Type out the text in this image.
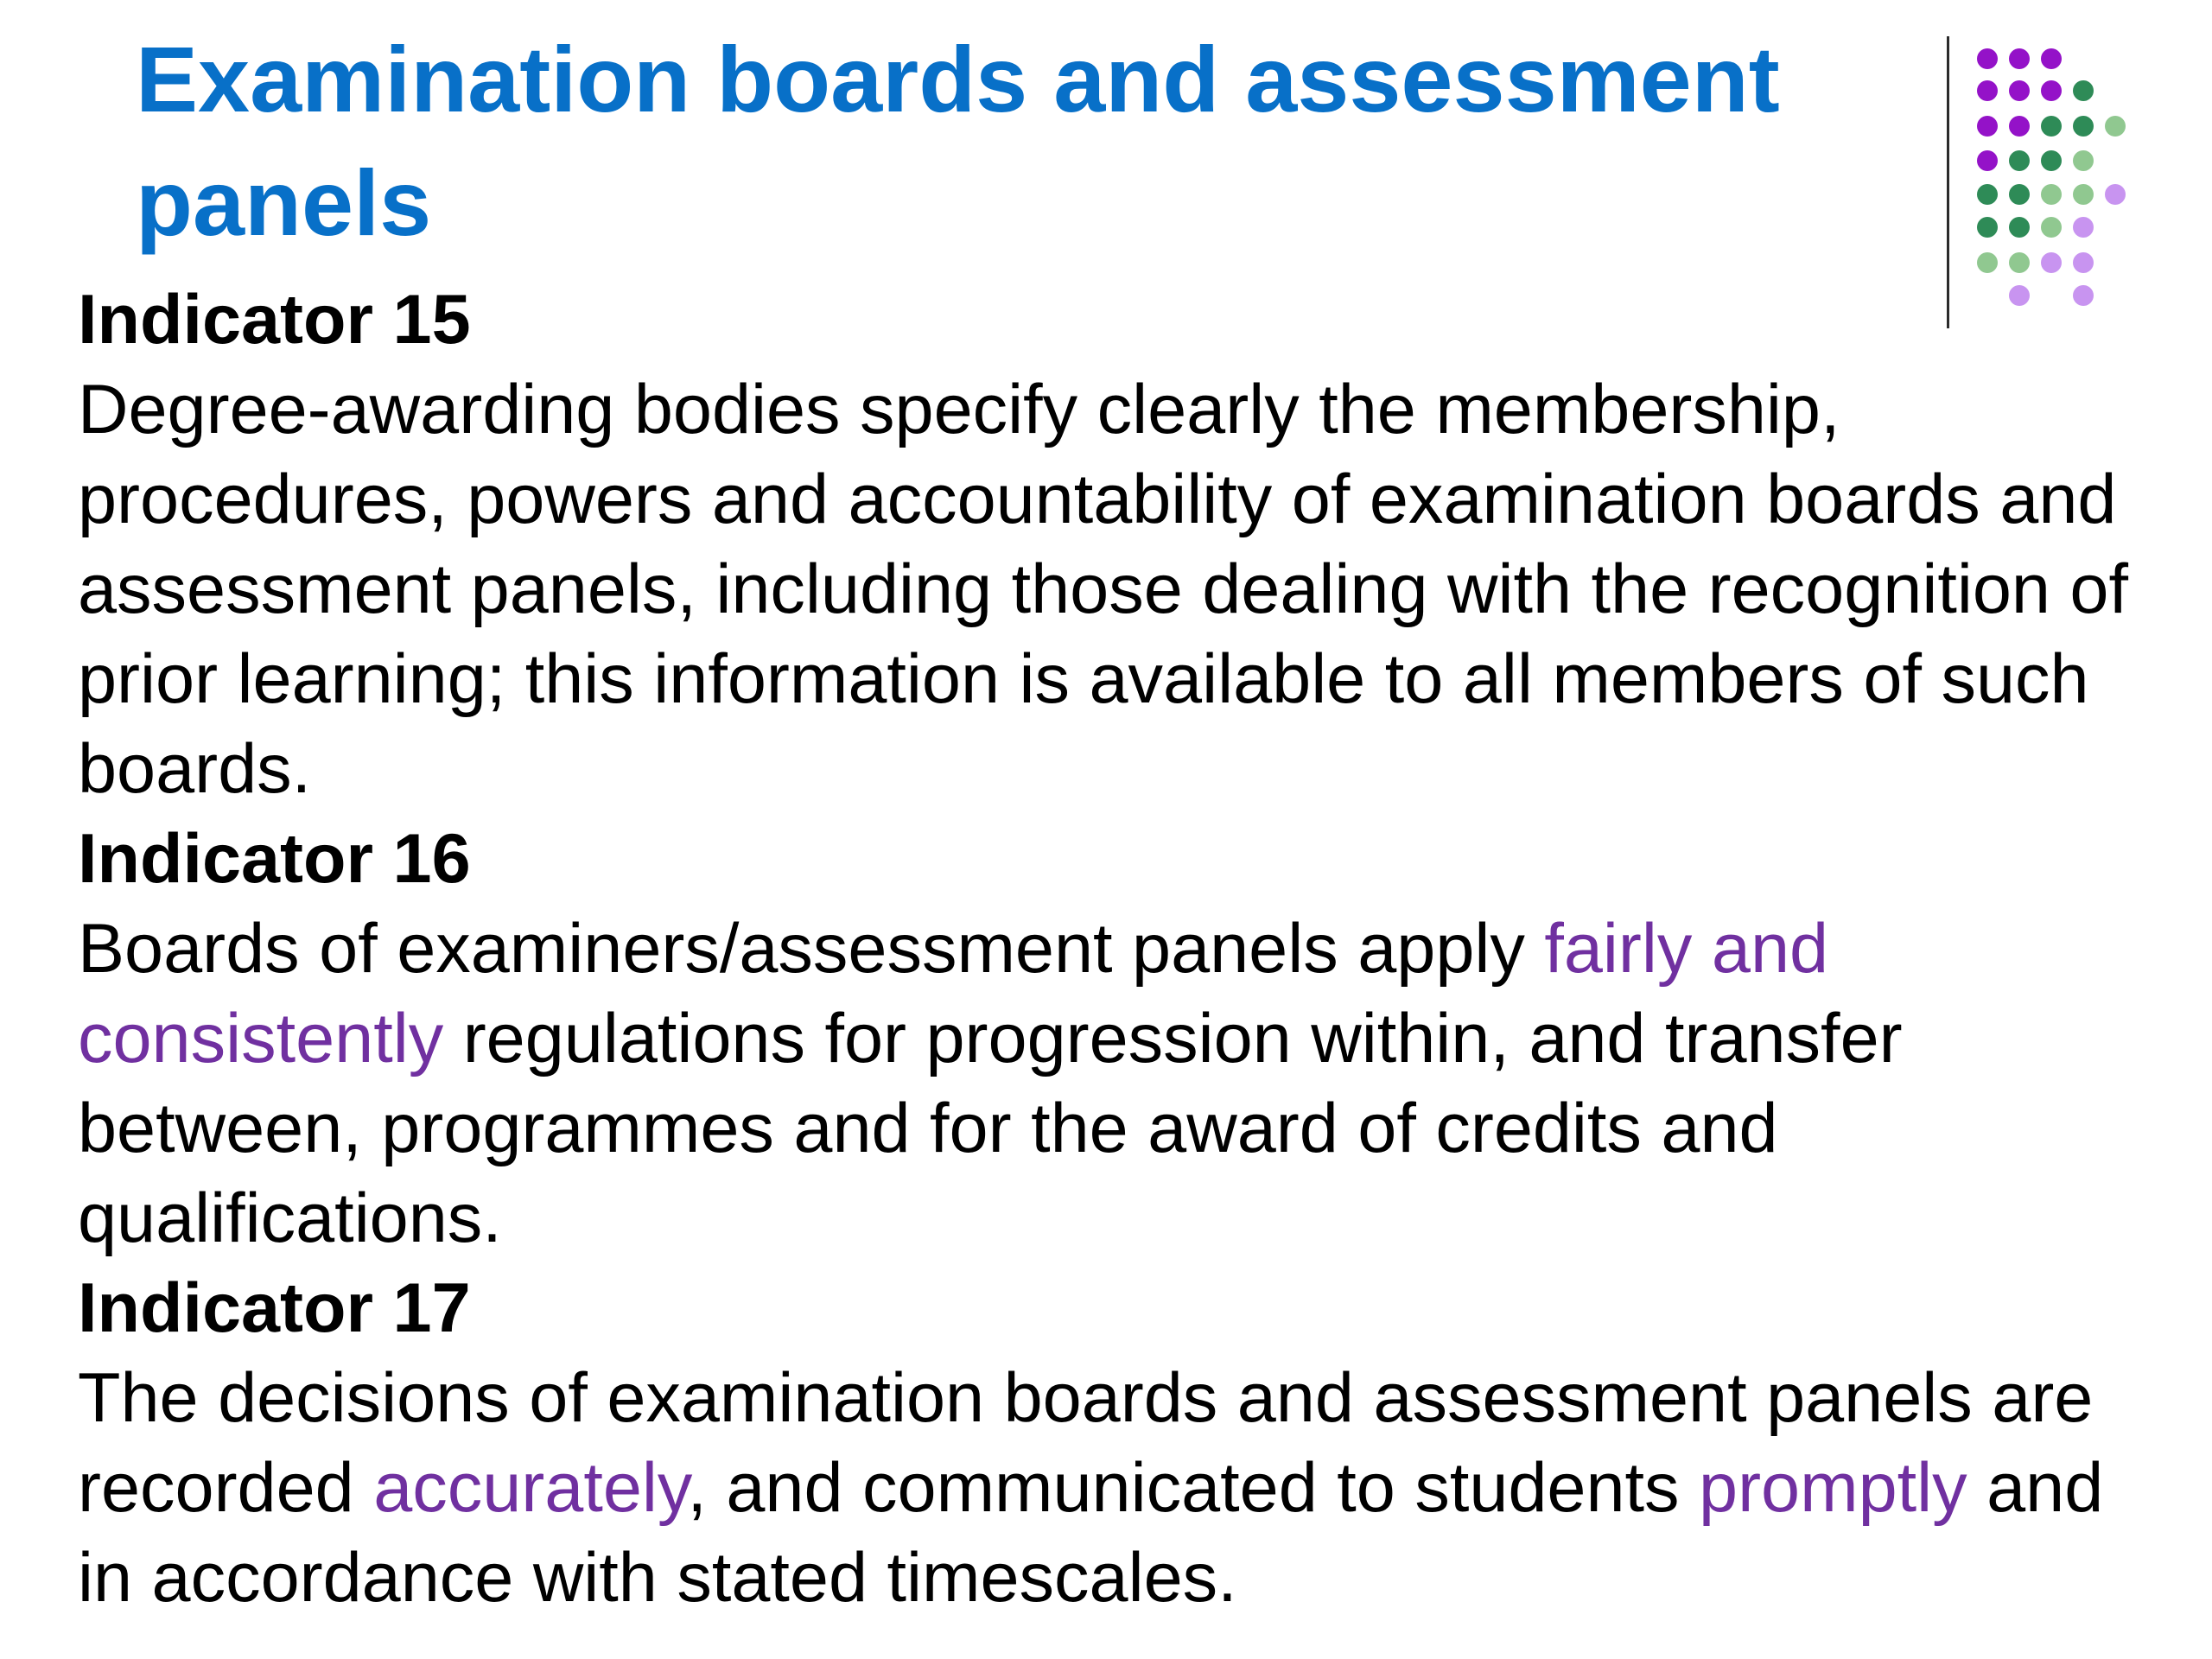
Examination boards and assessment panels

Indicator 15

Degree-awarding bodies specify clearly the membership, procedures, powers and accountability of examination boards and assessment panels, including those dealing with the recognition of prior learning; this information is available to all members of such boards.

Indicator 16

Boards of examiners/assessment panels apply fairly and consistently regulations for progression within, and transfer between, programmes and for the award of credits and qualifications.

Indicator 17

The decisions of examination boards and assessment panels are recorded accurately, and communicated to students promptly and in accordance with stated timescales.
